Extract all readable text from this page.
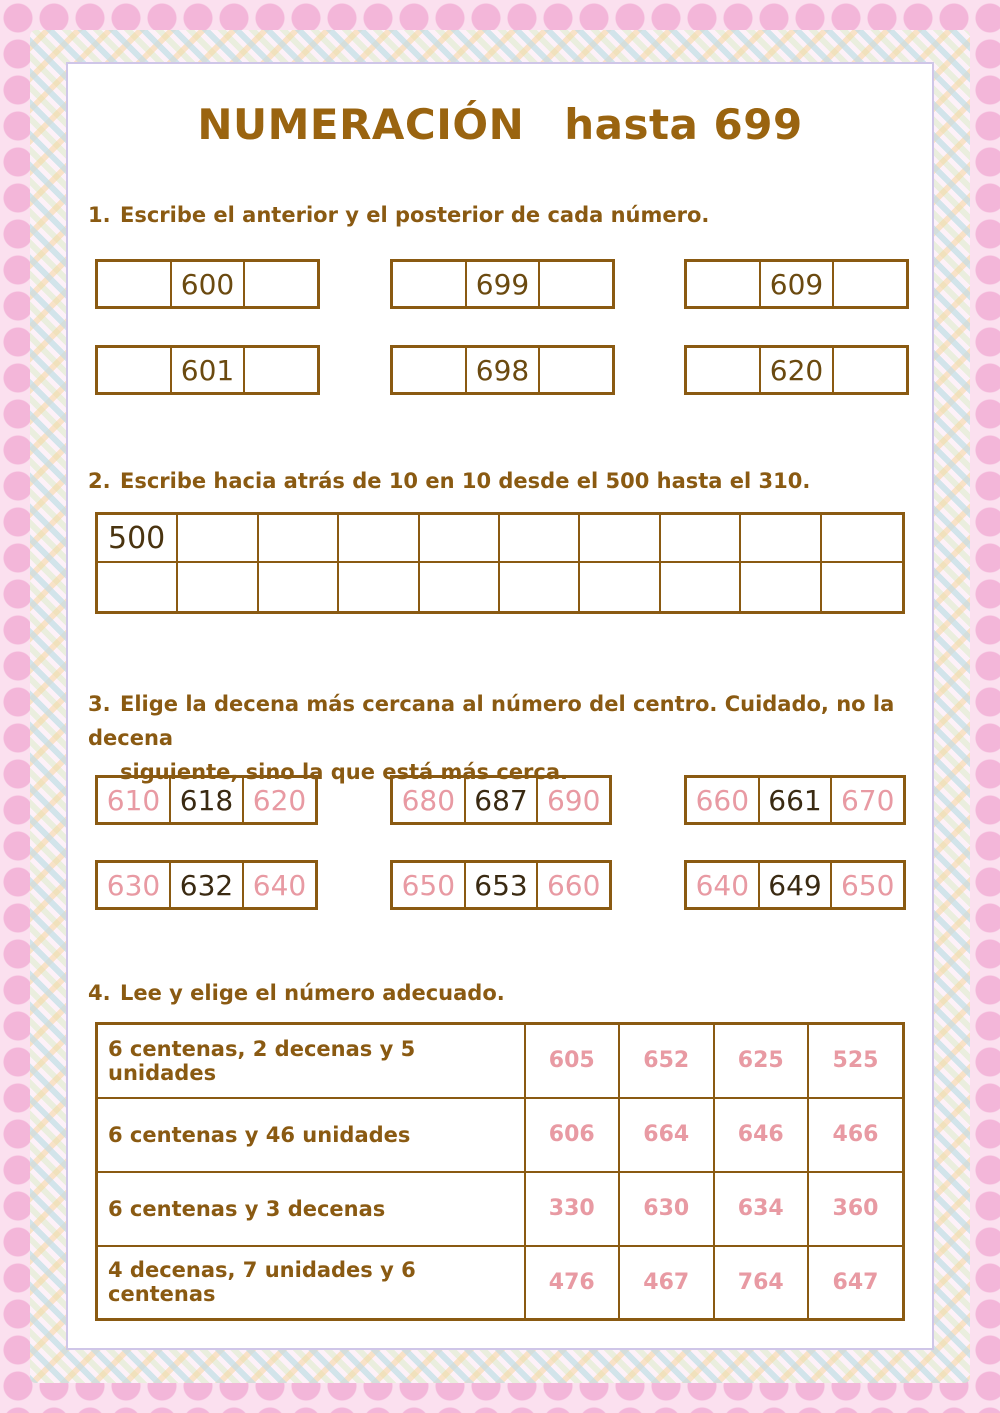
NUMERACIÓN hasta 699
1. Escribe el anterior y el posterior de cada número.
600	699	609
601	698	620
2. Escribe hacia atrás de 10 en 10 desde el 500 hasta el 310.
500
3. Elige la decena más cercana al número del centro. Cuidado, no la decena
siguiente, sino la que está más cerca.
610 618 620	680 687 690	660 661 670
630 632 640	650 653 660	640 649 650
4. Lee y elige el número adecuado.
6 centenas, 2 decenas y 5 unidades	605	652	625	525
6 centenas y 46 unidades	606	664	646	466
6 centenas y 3 decenas	330	630	634	360
4 decenas, 7 unidades y 6 centenas	476	467	764	647
